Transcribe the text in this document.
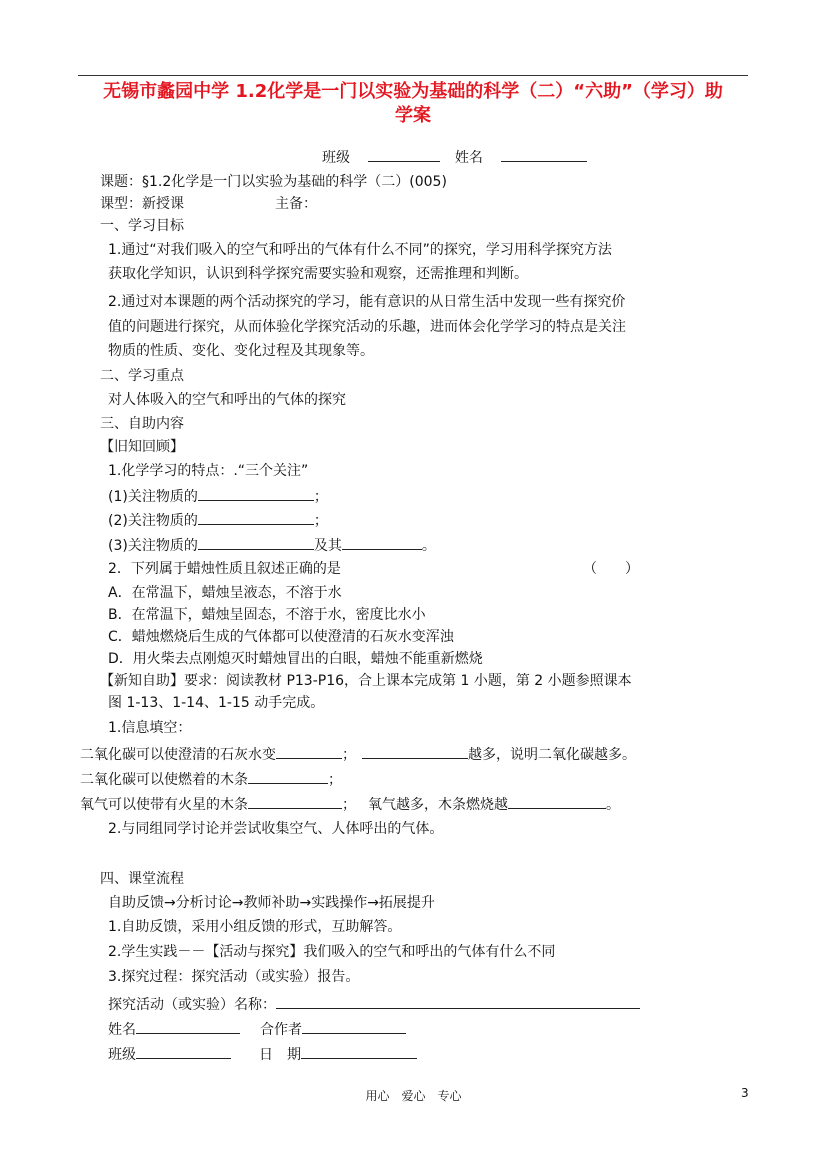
无锡市蠡园中学 1.2化学是一门以实验为基础的科学（二）“六助”（学习）助
学案
班级	姓名
课题：§1.2化学是一门以实验为基础的科学（二）(005)
课型：新授课	主备：
一、学习目标
1.通过“对我们吸入的空气和呼出的气体有什么不同”的探究，学习用科学探究方法
获取化学知识，认识到科学探究需要实验和观察，还需推理和判断。
2.通过对本课题的两个活动探究的学习，能有意识的从日常生活中发现一些有探究价
值的问题进行探究，从而体验化学探究活动的乐趣，进而体会化学学习的特点是关注
物质的性质、变化、变化过程及其现象等。
二、学习重点
对人体吸入的空气和呼出的气体的探究
三、自助内容
【旧知回顾】
1.化学学习的特点：.“三个关注”
(1)关注物质的	；
(2)关注物质的	；
(3)关注物质的	及其	。
2．下列属于蜡烛性质且叙述正确的是	（　　）
A．在常温下，蜡烛呈液态，不溶于水
B．在常温下，蜡烛呈固态，不溶于水，密度比水小
C．蜡烛燃烧后生成的气体都可以使澄清的石灰水变浑浊
D．用火柴去点刚熄灭时蜡烛冒出的白眼，蜡烛不能重新燃烧
【新知自助】要求：阅读教材 P13-P16，合上课本完成第 1 小题，第 2 小题参照课本
图 1-13、1-14、1-15 动手完成。
1.信息填空：
二氧化碳可以使澄清的石灰水变	；	越多，说明二氧化碳越多。
二氧化碳可以使燃着的木条	；
氧气可以使带有火星的木条	； 氧气越多，木条燃烧越	。
2.与同组同学讨论并尝试收集空气、人体呼出的气体。
四、课堂流程
自助反馈→分析讨论→教师补助→实践操作→拓展提升
1.自助反馈，采用小组反馈的形式，互助解答。
2.学生实践－－【活动与探究】我们吸入的空气和呼出的气体有什么不同
3.探究过程：探究活动（或实验）报告。
探究活动（或实验）名称：
姓名	合作者
班级	日　期
用心　爱心　专心	3
